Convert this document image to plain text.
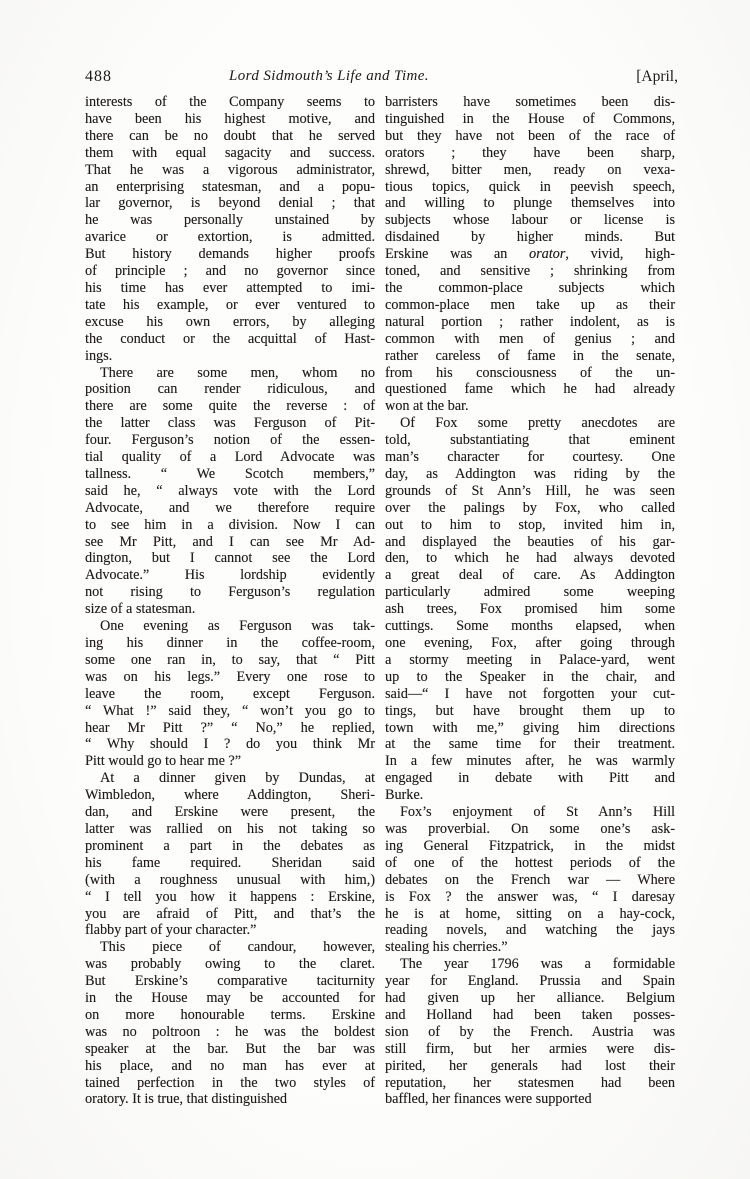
488	Lord Sidmouth’s Life and Time.	[April,
interests of the Company seems to
have been his highest motive, and
there can be no doubt that he served
them with equal sagacity and success.
That he was a vigorous administrator,
an enterprising statesman, and a popu-
lar governor, is beyond denial ; that
he was personally unstained by
avarice or extortion, is admitted.
But history demands higher proofs
of principle ; and no governor since
his time has ever attempted to imi-
tate his example, or ever ventured to
excuse his own errors, by alleging
the conduct or the acquittal of Hast-
ings.
There are some men, whom no
position can render ridiculous, and
there are some quite the reverse : of
the latter class was Ferguson of Pit-
four. Ferguson’s notion of the essen-
tial quality of a Lord Advocate was
tallness. “ We Scotch members,”
said he, “ always vote with the Lord
Advocate, and we therefore require
to see him in a division. Now I can
see Mr Pitt, and I can see Mr Ad-
dington, but I cannot see the Lord
Advocate.” His lordship evidently
not rising to Ferguson’s regulation
size of a statesman.
One evening as Ferguson was tak-
ing his dinner in the coffee-room,
some one ran in, to say, that “ Pitt
was on his legs.” Every one rose to
leave the room, except Ferguson.
“ What !” said they, “ won’t you go to
hear Mr Pitt ?” “ No,” he replied,
“ Why should I ? do you think Mr
Pitt would go to hear me ?”
At a dinner given by Dundas, at
Wimbledon, where Addington, Sheri-
dan, and Erskine were present, the
latter was rallied on his not taking so
prominent a part in the debates as
his fame required. Sheridan said
(with a roughness unusual with him,)
“ I tell you how it happens : Erskine,
you are afraid of Pitt, and that’s the
flabby part of your character.”
This piece of candour, however,
was probably owing to the claret.
But Erskine’s comparative taciturnity
in the House may be accounted for
on more honourable terms. Erskine
was no poltroon : he was the boldest
speaker at the bar. But the bar was
his place, and no man has ever at
tained perfection in the two styles of
oratory. It is true, that distinguished
barristers have sometimes been dis-
tinguished in the House of Commons,
but they have not been of the race of
orators ; they have been sharp,
shrewd, bitter men, ready on vexa-
tious topics, quick in peevish speech,
and willing to plunge themselves into
subjects whose labour or license is
disdained by higher minds. But
Erskine was an orator, vivid, high-
toned, and sensitive ; shrinking from
the common-place subjects which
common-place men take up as their
natural portion ; rather indolent, as is
common with men of genius ; and
rather careless of fame in the senate,
from his consciousness of the un-
questioned fame which he had already
won at the bar.
Of Fox some pretty anecdotes are
told, substantiating that eminent
man’s character for courtesy. One
day, as Addington was riding by the
grounds of St Ann’s Hill, he was seen
over the palings by Fox, who called
out to him to stop, invited him in,
and displayed the beauties of his gar-
den, to which he had always devoted
a great deal of care. As Addington
particularly admired some weeping
ash trees, Fox promised him some
cuttings. Some months elapsed, when
one evening, Fox, after going through
a stormy meeting in Palace-yard, went
up to the Speaker in the chair, and
said—“ I have not forgotten your cut-
tings, but have brought them up to
town with me,” giving him directions
at the same time for their treatment.
In a few minutes after, he was warmly
engaged in debate with Pitt and
Burke.
Fox’s enjoyment of St Ann’s Hill
was proverbial. On some one’s ask-
ing General Fitzpatrick, in the midst
of one of the hottest periods of the
debates on the French war — Where
is Fox ? the answer was, “ I daresay
he is at home, sitting on a hay-cock,
reading novels, and watching the jays
stealing his cherries.”
The year 1796 was a formidable
year for England. Prussia and Spain
had given up her alliance. Belgium
and Holland had been taken posses-
sion of by the French. Austria was
still firm, but her armies were dis-
pirited, her generals had lost their
reputation, her statesmen had been
baffled, her finances were supported
